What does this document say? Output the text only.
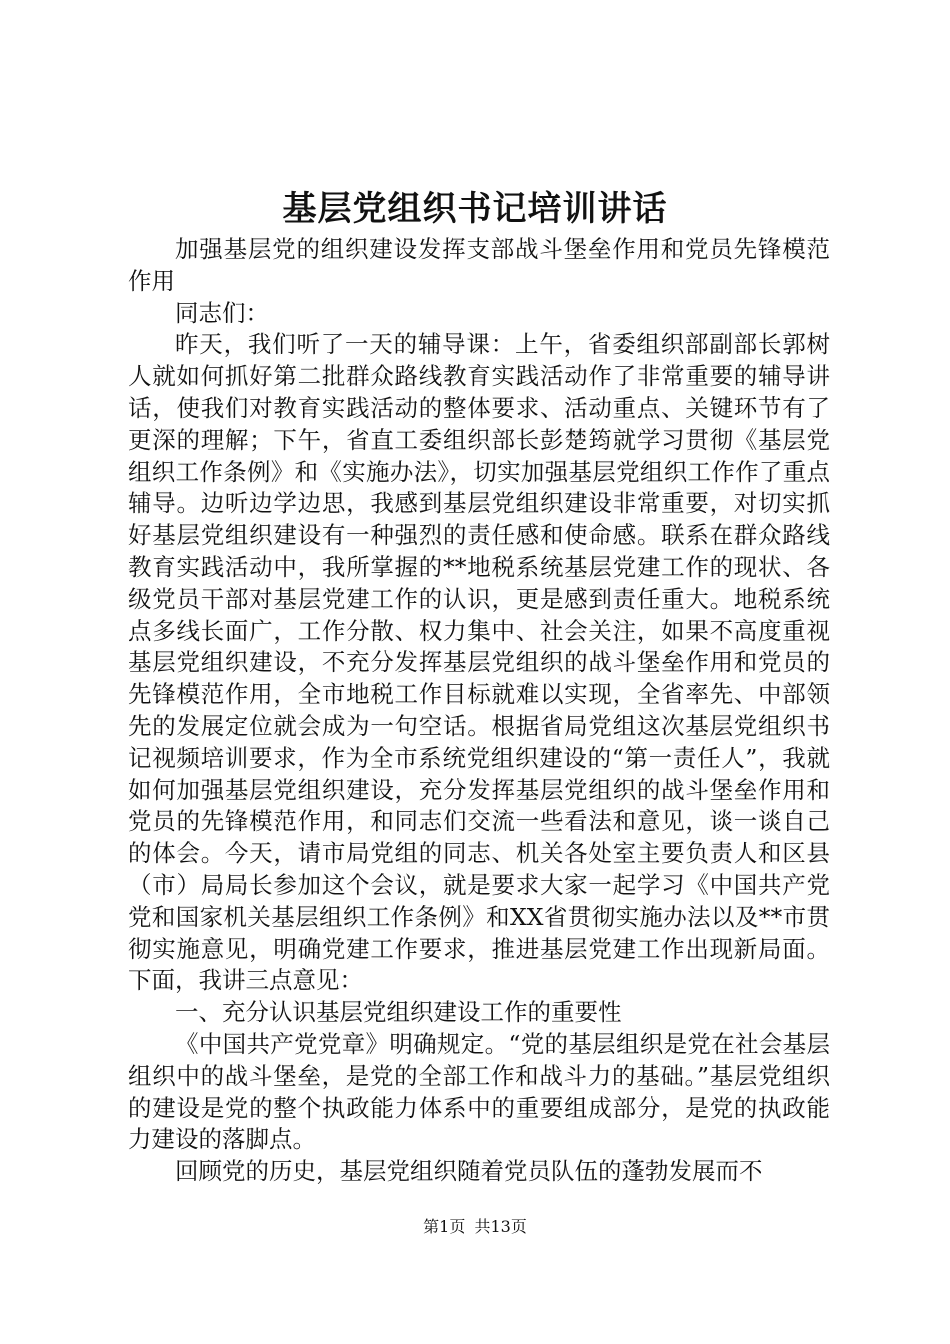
基层党组织书记培训讲话

加强基层党的组织建设发挥支部战斗堡垒作用和党员先锋模范作用

同志们：

昨天，我们听了一天的辅导课：上午，省委组织部副部长郭树人就如何抓好第二批群众路线教育实践活动作了非常重要的辅导讲话，使我们对教育实践活动的整体要求、活动重点、关键环节有了更深的理解；下午，省直工委组织部长彭楚筠就学习贯彻《基层党组织工作条例》和《实施办法》，切实加强基层党组织工作作了重点辅导。边听边学边思，我感到基层党组织建设非常重要，对切实抓好基层党组织建设有一种强烈的责任感和使命感。联系在群众路线教育实践活动中，我所掌握的**地税系统基层党建工作的现状、各级党员干部对基层党建工作的认识，更是感到责任重大。地税系统点多线长面广，工作分散、权力集中、社会关注，如果不高度重视基层党组织建设，不充分发挥基层党组织的战斗堡垒作用和党员的先锋模范作用，全市地税工作目标就难以实现，全省率先、中部领先的发展定位就会成为一句空话。根据省局党组这次基层党组织书记视频培训要求，作为全市系统党组织建设的“第一责任人”，我就如何加强基层党组织建设，充分发挥基层党组织的战斗堡垒作用和党员的先锋模范作用，和同志们交流一些看法和意见，谈一谈自己的体会。今天，请市局党组的同志、机关各处室主要负责人和区县（市）局局长参加这个会议，就是要求大家一起学习《中国共产党党和国家机关基层组织工作条例》和XX省贯彻实施办法以及**市贯彻实施意见，明确党建工作要求，推进基层党建工作出现新局面。下面，我讲三点意见：

一、充分认识基层党组织建设工作的重要性

《中国共产党党章》明确规定。“党的基层组织是党在社会基层组织中的战斗堡垒，是党的全部工作和战斗力的基础。”基层党组织的建设是党的整个执政能力体系中的重要组成部分，是党的执政能力建设的落脚点。

回顾党的历史，基层党组织随着党员队伍的蓬勃发展而不

第1页 共13页
